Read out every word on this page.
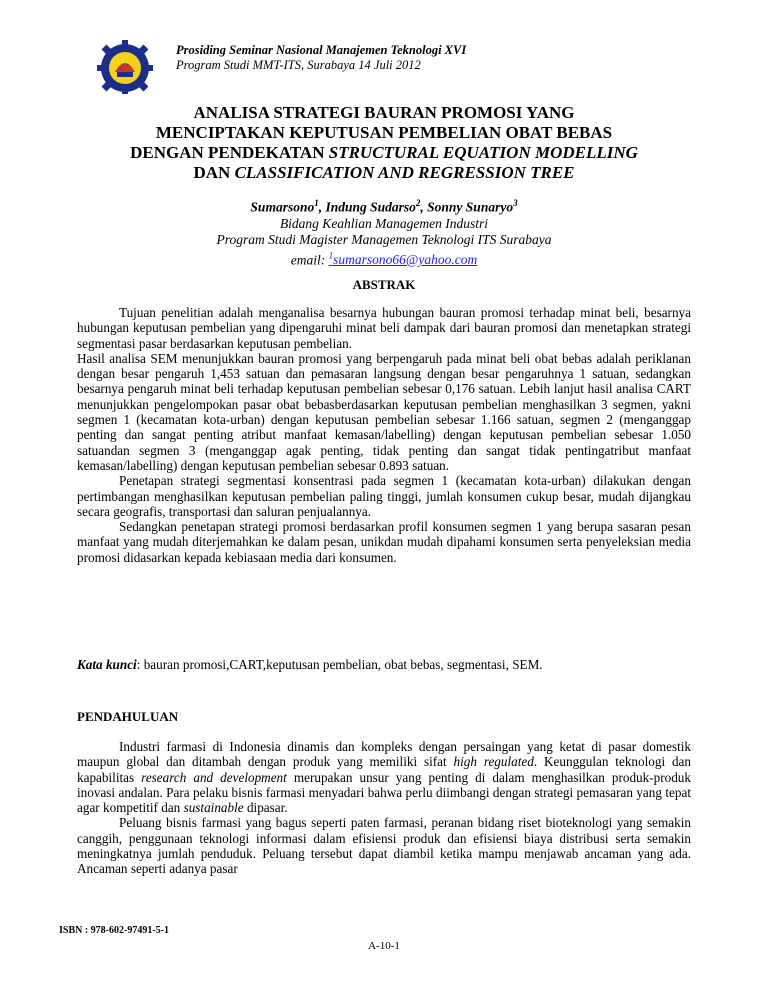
Prosiding Seminar Nasional Manajemen Teknologi XVI
Program Studi MMT-ITS, Surabaya 14 Juli 2012
ANALISA STRATEGI BAURAN PROMOSI YANG
MENCIPTAKAN KEPUTUSAN PEMBELIAN OBAT BEBAS
DENGAN PENDEKATAN STRUCTURAL EQUATION MODELLING
DAN CLASSIFICATION AND REGRESSION TREE
Sumarsono$^1$, Indung Sudarso$^2$, Sonny Sunaryo$^3$
Bidang Keahlian Managemen Industri
Program Studi Magister Managemen Teknologi ITS Surabaya
email: $^1$sumarsono66@yahoo.com
ABSTRAK

Tujuan penelitian adalah menganalisa besarnya hubungan bauran promosi terhadap minat beli, besarnya hubungan keputusan pembelian yang dipengaruhi minat beli dampak dari bauran promosi dan menetapkan strategi segmentasi pasar berdasarkan keputusan pembelian.

Hasil analisa SEM menunjukkan bauran promosi yang berpengaruh pada minat beli obat bebas adalah periklanan dengan besar pengaruh 1,453 satuan dan pemasaran langsung dengan besar pengaruhnya 1 satuan, sedangkan besarnya pengaruh minat beli terhadap keputusan pembelian sebesar 0,176 satuan. Lebih lanjut hasil analisa CART menunjukkan pengelompokan pasar obat bebasberdasarkan keputusan pembelian menghasilkan 3 segmen, yakni segmen 1 (kecamatan kota-urban) dengan keputusan pembelian sebesar 1.166 satuan, segmen 2 (menganggap penting dan sangat penting atribut manfaat kemasan/labelling) dengan keputusan pembelian sebesar 1.050 satuandan segmen 3 (menganggap agak penting, tidak penting dan sangat tidak pentingatribut manfaat kemasan/labelling) dengan keputusan pembelian sebesar 0.893 satuan.

Penetapan strategi segmentasi konsentrasi pada segmen 1 (kecamatan kota-urban) dilakukan dengan pertimbangan menghasilkan keputusan pembelian paling tinggi, jumlah konsumen cukup besar, mudah dijangkau secara geografis, transportasi dan saluran penjualannya.

Sedangkan penetapan strategi promosi berdasarkan profil konsumen segmen 1 yang berupa sasaran pesan manfaat yang mudah diterjemahkan ke dalam pesan, unikdan mudah dipahami konsumen serta penyeleksian media promosi didasarkan kepada kebiasaan media dari konsumen.

Kata kunci: bauran promosi,CART,keputusan pembelian, obat bebas, segmentasi, SEM.
PENDAHULUAN

Industri farmasi di Indonesia dinamis dan kompleks dengan persaingan yang ketat di pasar domestik maupun global dan ditambah dengan produk yang memiliki sifat high regulated. Keunggulan teknologi dan kapabilitas research and development merupakan unsur yang penting di dalam menghasilkan produk-produk inovasi andalan. Para pelaku bisnis farmasi menyadari bahwa perlu diimbangi dengan strategi pemasaran yang tepat agar kompetitif dan sustainable dipasar.

Peluang bisnis farmasi yang bagus seperti paten farmasi, peranan bidang riset bioteknologi yang semakin canggih, penggunaan teknologi informasi dalam efisiensi produk dan efisiensi biaya distribusi serta semakin meningkatnya jumlah penduduk. Peluang tersebut dapat diambil ketika mampu menjawab ancaman yang ada. Ancaman seperti adanya pasar

ISBN : 978-602-97491-5-1
A-10-1
